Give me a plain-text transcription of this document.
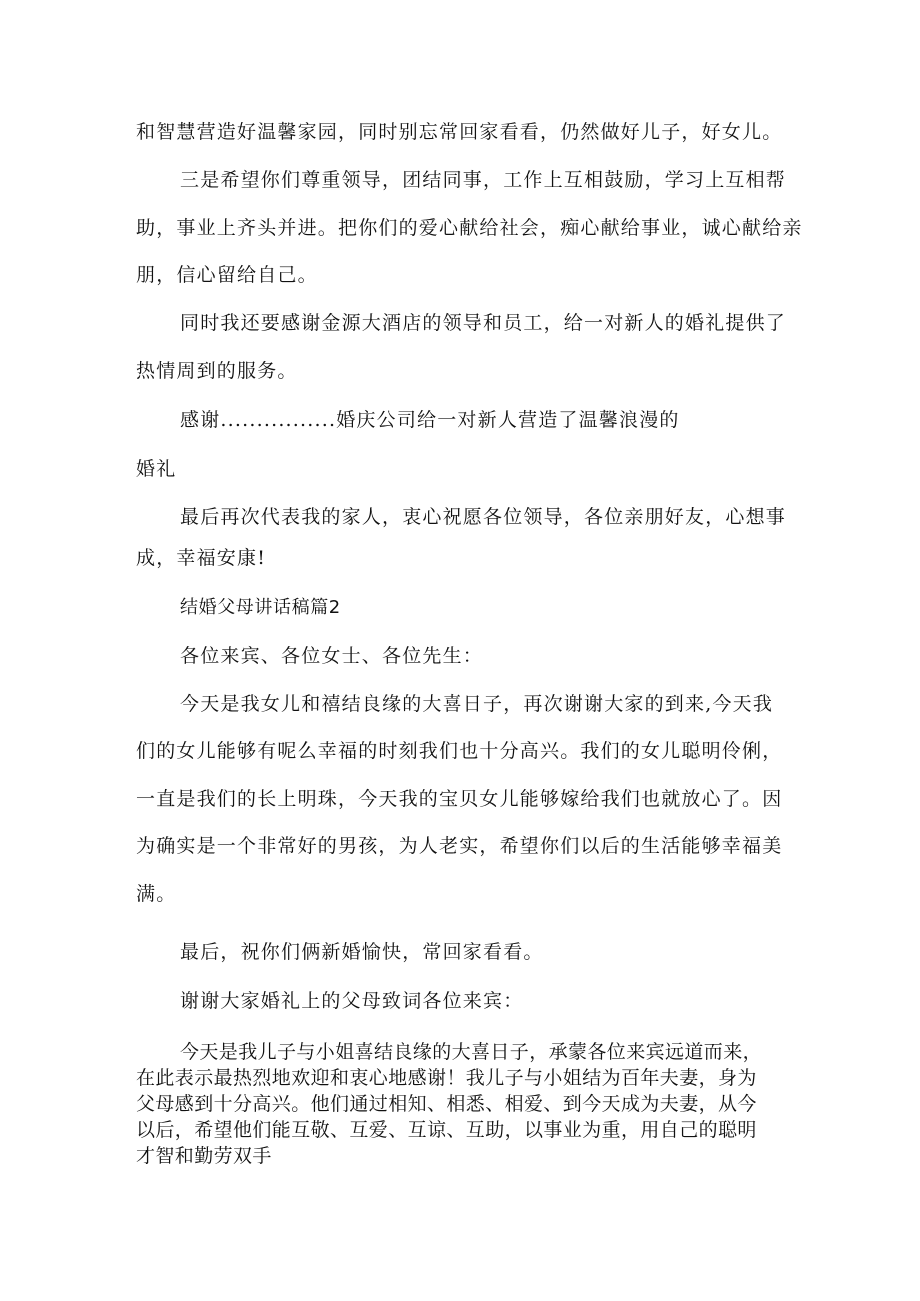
和智慧营造好温馨家园，同时别忘常回家看看，仍然做好儿子，好女儿。
三是希望你们尊重领导，团结同事，工作上互相鼓励，学习上互相帮
助，事业上齐头并进。把你们的爱心献给社会，痴心献给事业，诚心献给亲
朋，信心留给自己。
同时我还要感谢金源大酒店的领导和员工，给一对新人的婚礼提供了
热情周到的服务。
感谢................婚庆公司给一对新人营造了温馨浪漫的
婚礼
最后再次代表我的家人，衷心祝愿各位领导，各位亲朋好友，心想事
成，幸福安康!
结婚父母讲话稿篇2
各位来宾、各位女士、各位先生：
今天是我女儿和禧结良缘的大喜日子，再次谢谢大家的到来,今天我
们的女儿能够有呢么幸福的时刻我们也十分高兴。我们的女儿聪明伶俐，
一直是我们的长上明珠，今天我的宝贝女儿能够嫁给我们也就放心了。因
为确实是一个非常好的男孩，为人老实，希望你们以后的生活能够幸福美
满。
最后，祝你们俩新婚愉快，常回家看看。
谢谢大家婚礼上的父母致词各位来宾：
今天是我儿子与小姐喜结良缘的大喜日子，承蒙各位来宾远道而来，
在此表示最热烈地欢迎和衷心地感谢！我儿子与小姐结为百年夫妻，身为
父母感到十分高兴。他们通过相知、相悉、相爱、到今天成为夫妻，从今
以后，希望他们能互敬、互爱、互谅、互助，以事业为重，用自己的聪明
才智和勤劳双手
